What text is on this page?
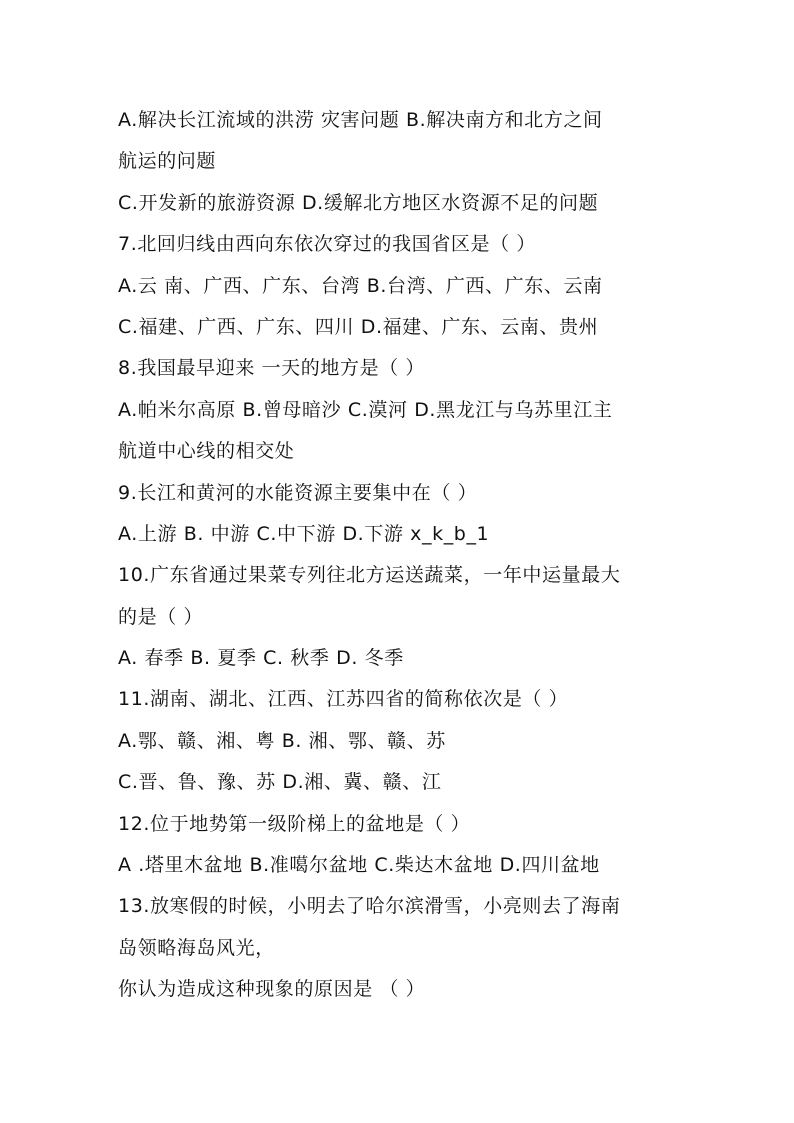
A.解决长江流域的洪涝 灾害问题 B.解决南方和北方之间
航运的问题
C.开发新的旅游资源 D.缓解北方地区水资源不足的问题
7.北回归线由西向东依次穿过的我国省区是（ ）
A.云 南、广西、广东、台湾 B.台湾、广西、广东、云南
C.福建、广西、广东、四川 D.福建、广东、云南、贵州
8.我国最早迎来 一天的地方是（ ）
A.帕米尔高原 B.曾母暗沙 C.漠河 D.黑龙江与乌苏里江主
航道中心线的相交处
9.长江和黄河的水能资源主要集中在（ ）
A.上游 B. 中游 C.中下游 D.下游 x_k_b_1
10.广东省通过果菜专列往北方运送蔬菜，一年中运量最大
的是（ ）
A. 春季 B. 夏季 C. 秋季 D. 冬季
11.湖南、湖北、江西、江苏四省的简称依次是（ ）
A.鄂、赣、湘、粤 B. 湘、鄂、赣、苏
C.晋、鲁、豫、苏 D.湘、冀、赣、江
12.位于地势第一级阶梯上的盆地是（ ）
A .塔里木盆地 B.准噶尔盆地 C.柴达木盆地 D.四川盆地
13.放寒假的时候，小明去了哈尔滨滑雪，小亮则去了海南
岛领略海岛风光，
你认为造成这种现象的原因是 （ ）
